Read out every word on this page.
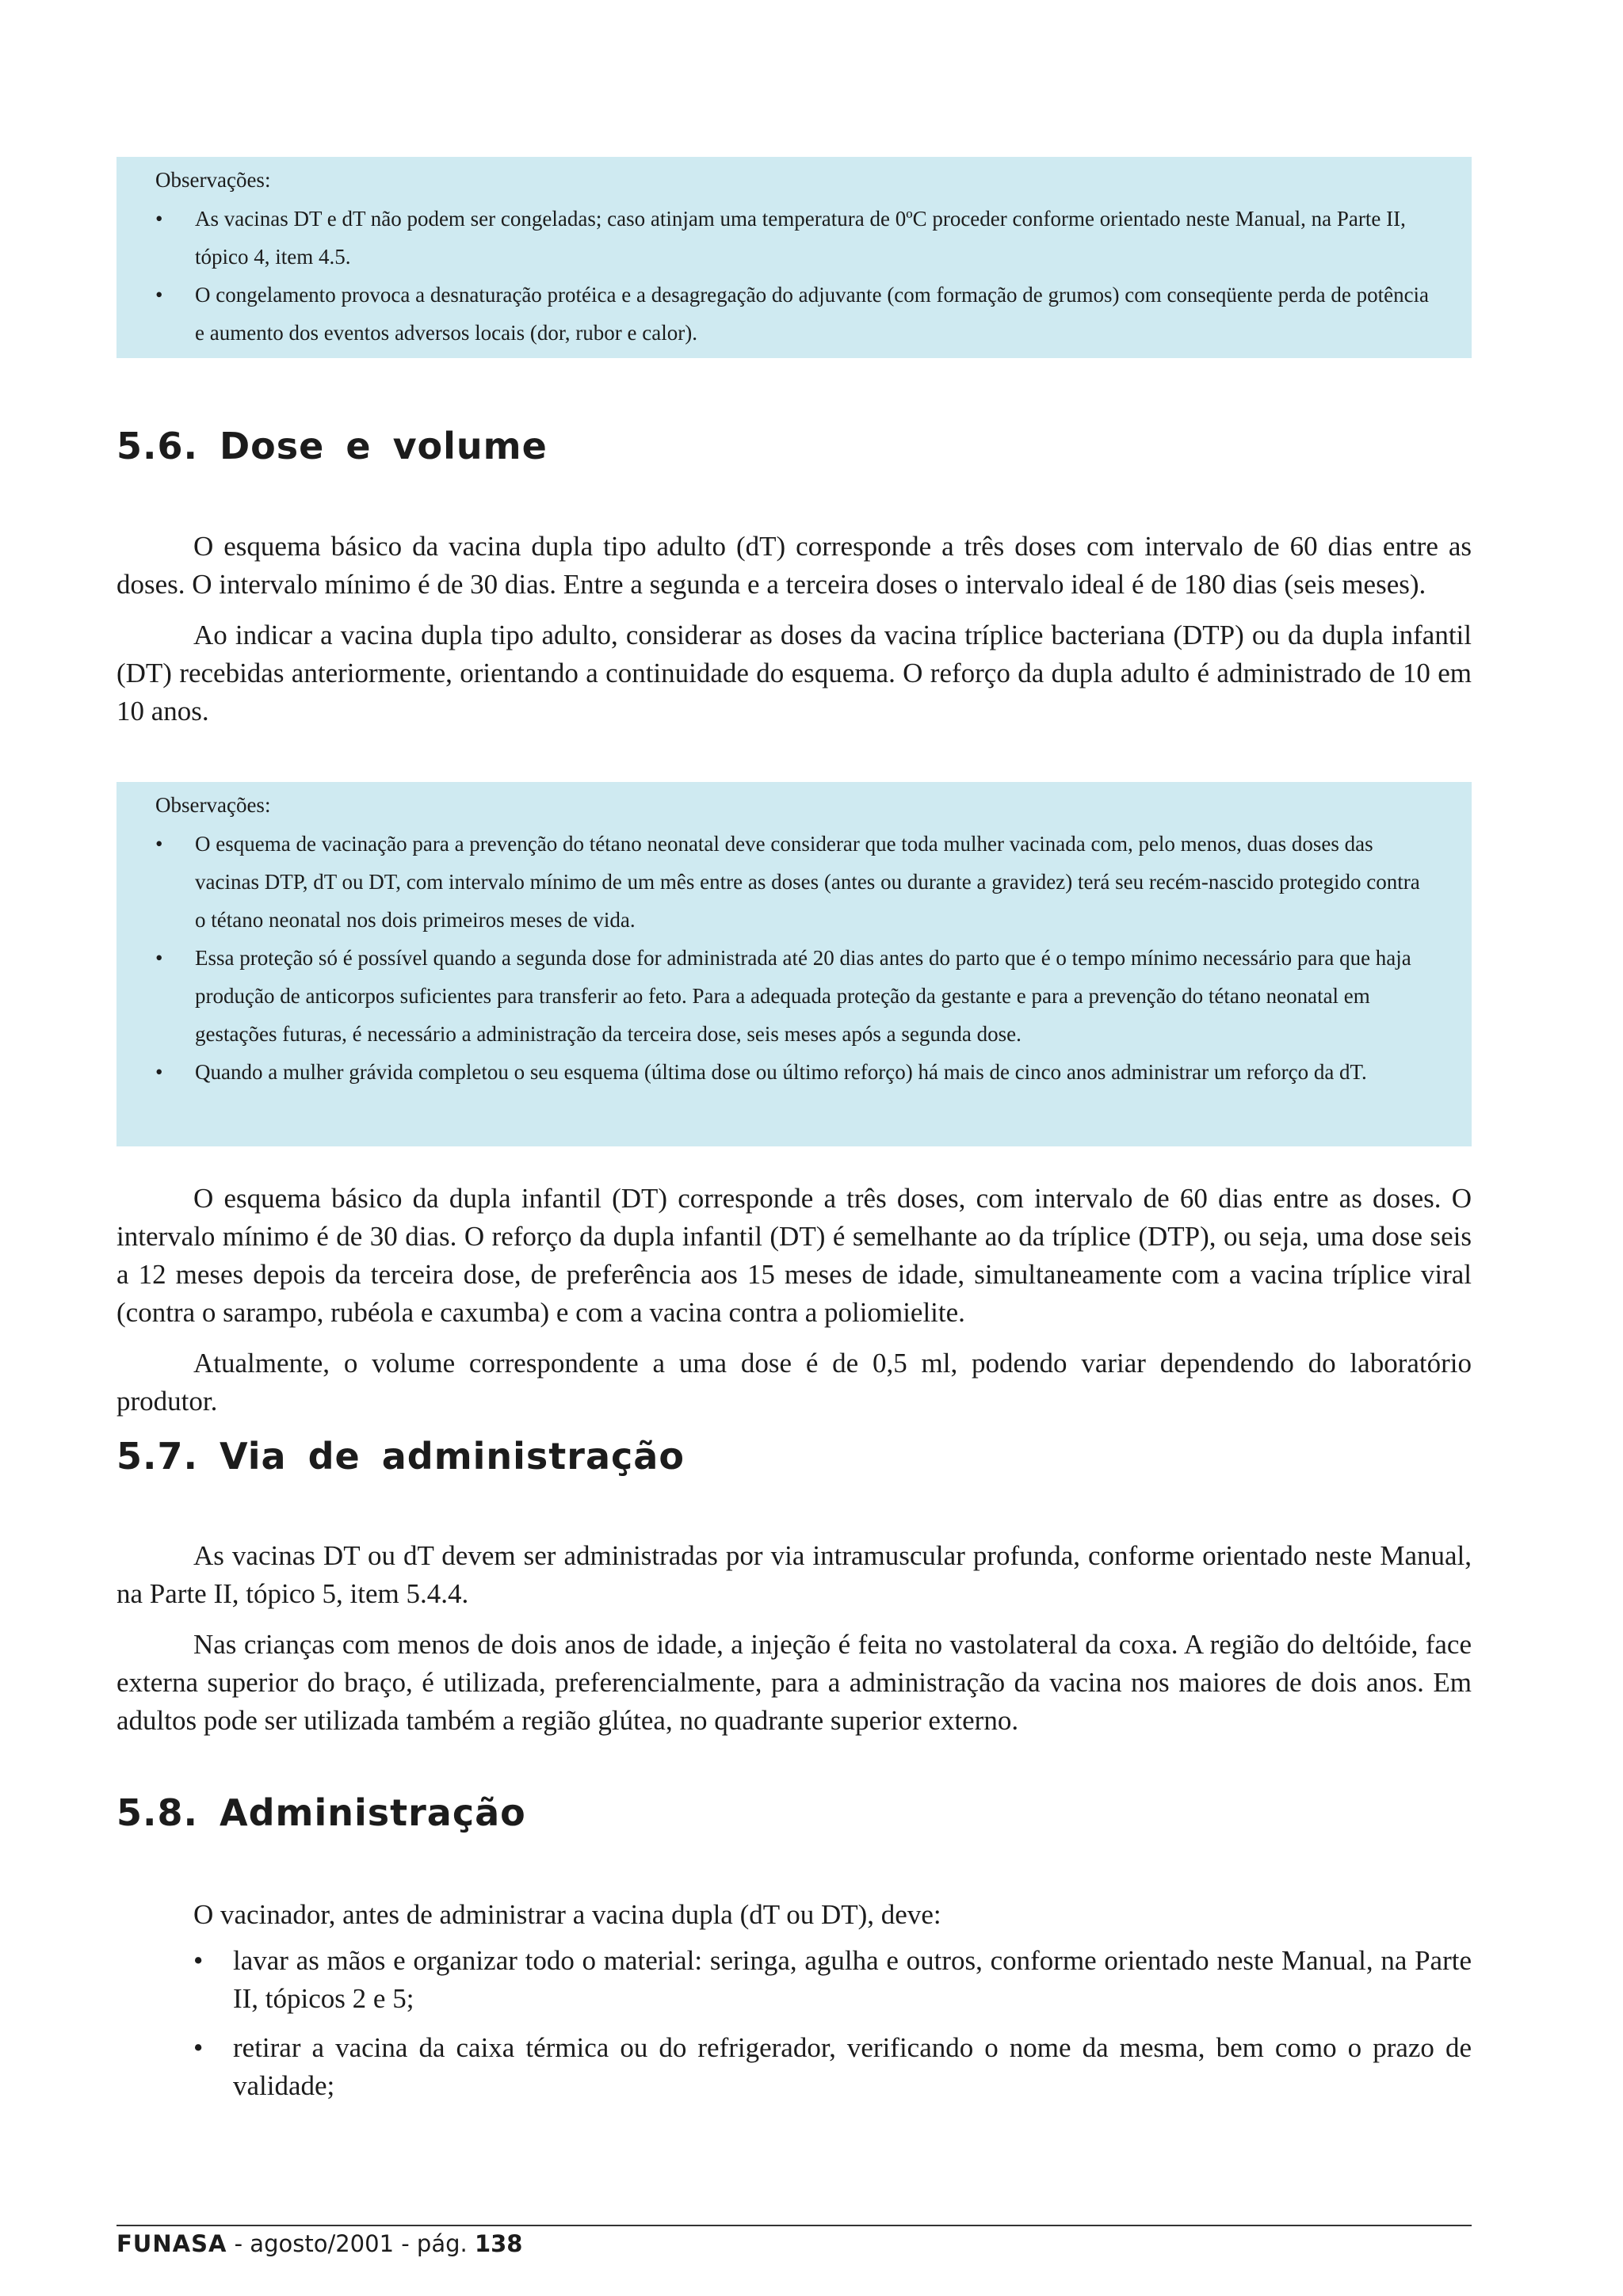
Observações:

• As vacinas DT e dT não podem ser congeladas; caso atinjam uma temperatura de 0ºC proceder conforme orientado neste Manual, na Parte II, tópico 4, item 4.5.
• O congelamento provoca a desnaturação protéica e a desagregação do adjuvante (com formação de grumos) com conseqüente perda de potência e aumento dos eventos adversos locais (dor, rubor e calor).
5.6. Dose e volume

O esquema básico da vacina dupla tipo adulto (dT) corresponde a três doses com intervalo de 60 dias entre as doses. O intervalo mínimo é de 30 dias. Entre a segunda e a terceira doses o intervalo ideal é de 180 dias (seis meses).

Ao indicar a vacina dupla tipo adulto, considerar as doses da vacina tríplice bacteriana (DTP) ou da dupla infantil (DT) recebidas anteriormente, orientando a continuidade do esquema. O reforço da dupla adulto é administrado de 10 em 10 anos.

Observações:

• O esquema de vacinação para a prevenção do tétano neonatal deve considerar que toda mulher vacinada com, pelo menos, duas doses das vacinas DTP, dT ou DT, com intervalo mínimo de um mês entre as doses (antes ou durante a gravidez) terá seu recém-nascido protegido contra o tétano neonatal nos dois primeiros meses de vida.
• Essa proteção só é possível quando a segunda dose for administrada até 20 dias antes do parto que é o tempo mínimo necessário para que haja produção de anticorpos suficientes para transferir ao feto. Para a adequada proteção da gestante e para a prevenção do tétano neonatal em gestações futuras, é necessário a administração da terceira dose, seis meses após a segunda dose.
• Quando a mulher grávida completou o seu esquema (última dose ou último reforço) há mais de cinco anos administrar um reforço da dT.

O esquema básico da dupla infantil (DT) corresponde a três doses, com intervalo de 60 dias entre as doses. O intervalo mínimo é de 30 dias. O reforço da dupla infantil (DT) é semelhante ao da tríplice (DTP), ou seja, uma dose seis a 12 meses depois da terceira dose, de preferência aos 15 meses de idade, simultaneamente com a vacina tríplice viral (contra o sarampo, rubéola e caxumba) e com a vacina contra a poliomielite.

Atualmente, o volume correspondente a uma dose é de 0,5 ml, podendo variar dependendo do laboratório produtor.

5.7. Via de administração

As vacinas DT ou dT devem ser administradas por via intramuscular profunda, conforme orientado neste Manual, na Parte II, tópico 5, item 5.4.4.

Nas crianças com menos de dois anos de idade, a injeção é feita no vastolateral da coxa. A região do deltóide, face externa superior do braço, é utilizada, preferencialmente, para a administração da vacina nos maiores de dois anos. Em adultos pode ser utilizada também a região glútea, no quadrante superior externo.

5.8. Administração

O vacinador, antes de administrar a vacina dupla (dT ou DT), deve:

• lavar as mãos e organizar todo o material: seringa, agulha e outros, conforme orientado neste Manual, na Parte II, tópicos 2 e 5;
• retirar a vacina da caixa térmica ou do refrigerador, verificando o nome da mesma, bem como o prazo de validade;
FUNASA - agosto/2001 - pág. 138
